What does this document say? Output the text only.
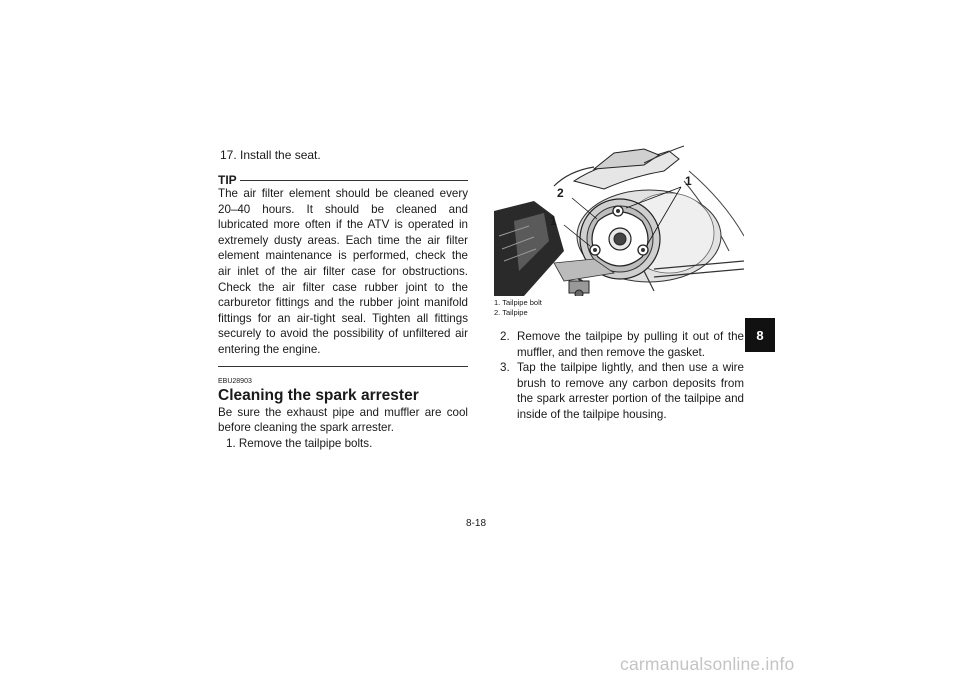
17. Install the seat.
TIP
The air filter element should be cleaned every 20–40 hours. It should be cleaned and lubricated more often if the ATV is operated in extremely dusty areas. Each time the air filter element maintenance is performed, check the air inlet of the air filter case for obstructions. Check the air filter case rubber joint to the carburetor fittings and the rubber joint manifold fittings for an air-tight seal. Tighten all fittings securely to avoid the possibility of unfiltered air entering the engine.
EBU28903
Cleaning the spark arrester
Be sure the exhaust pipe and muffler are cool before cleaning the spark arrester.
1. Remove the tailpipe bolts.
2
1
1
1. Tailpipe bolt
2. Tailpipe
2. Remove the tailpipe by pulling it out of the muffler, and then remove the gasket.
3. Tap the tailpipe lightly, and then use a wire brush to remove any carbon deposits from the spark arrester portion of the tailpipe and inside of the tailpipe housing.
8
8-18
carmanualsonline.info
